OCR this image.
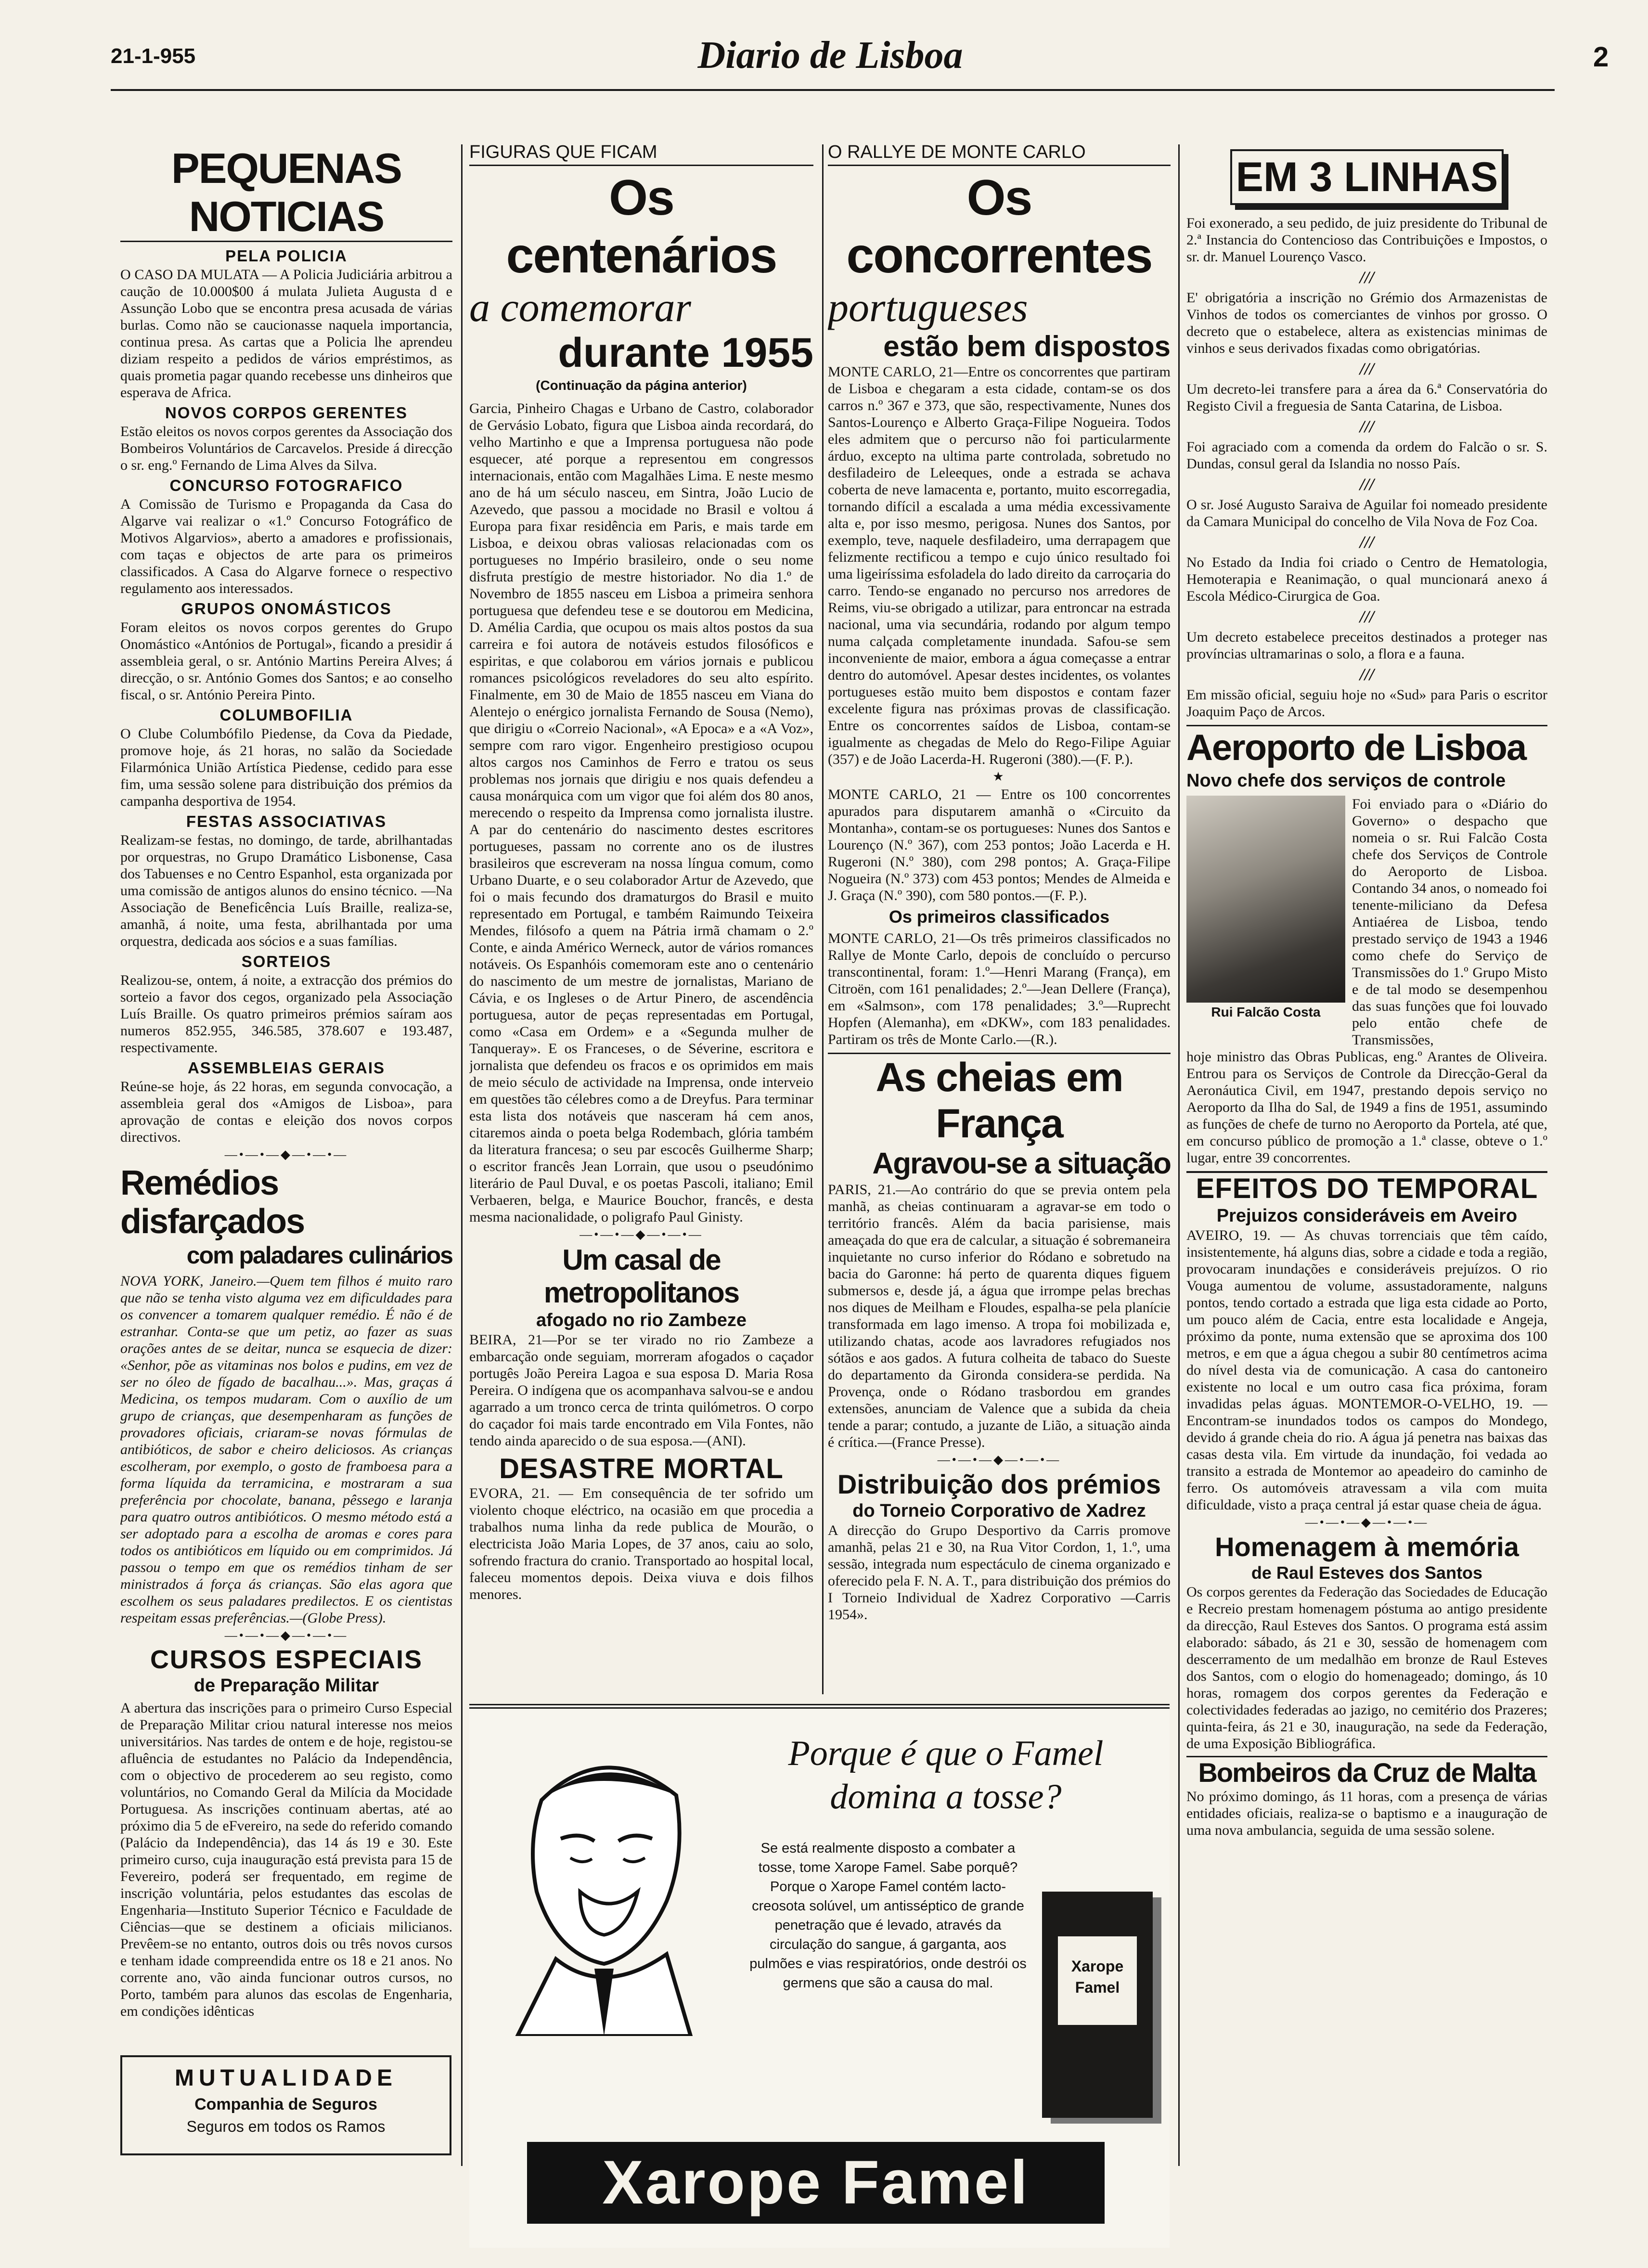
21-1-955	Diario de Lisboa	2
PEQUENAS NOTICIAS
PELA POLICIA

O CASO DA MULATA — A Policia Judiciária arbitrou a caução de 10.000$00 á mulata Julieta Augusta d e Assunção Lobo que se encontra presa acusada de várias burlas. Como não se caucionasse naquela importancia, continua presa. As cartas que a Policia lhe aprendeu diziam respeito a pedidos de vários empréstimos, as quais prometia pagar quando recebesse uns dinheiros que esperava de Africa.

NOVOS CORPOS GERENTES

Estão eleitos os novos corpos gerentes da Associação dos Bombeiros Voluntários de Carcavelos. Preside á direcção o sr. eng.º Fernando de Lima Alves da Silva.

CONCURSO FOTOGRAFICO

A Comissão de Turismo e Propaganda da Casa do Algarve vai realizar o «1.º Concurso Fotográfico de Motivos Algarvios», aberto a amadores e profissionais, com taças e objectos de arte para os primeiros classificados. A Casa do Algarve fornece o respectivo regulamento aos interessados.

GRUPOS ONOMÁSTICOS

Foram eleitos os novos corpos gerentes do Grupo Onomástico «Antónios de Portugal», ficando a presidir á assembleia geral, o sr. António Martins Pereira Alves; á direcção, o sr. António Gomes dos Santos; e ao conselho fiscal, o sr. António Pereira Pinto.

COLUMBOFILIA

O Clube Columbófilo Piedense, da Cova da Piedade, promove hoje, ás 21 horas, no salão da Sociedade Filarmónica União Artística Piedense, cedido para esse fim, uma sessão solene para distribuição dos prémios da campanha desportiva de 1954.

FESTAS ASSOCIATIVAS

Realizam-se festas, no domingo, de tarde, abrilhantadas por orquestras, no Grupo Dramático Lisbonense, Casa dos Tabuenses e no Centro Espanhol, esta organizada por uma comissão de antigos alunos do ensino técnico. —Na Associação de Beneficência Luís Braille, realiza-se, amanhã, á noite, uma festa, abrilhantada por uma orquestra, dedicada aos sócios e a suas famílias.

SORTEIOS

Realizou-se, ontem, á noite, a extracção dos prémios do sorteio a favor dos cegos, organizado pela Associação Luís Braille. Os quatro primeiros prémios saíram aos numeros 852.955, 346.585, 378.607 e 193.487, respectivamente.

ASSEMBLEIAS GERAIS

Reúne-se hoje, ás 22 horas, em segunda convocação, a assembleia geral dos «Amigos de Lisboa», para aprovação de contas e eleição dos novos corpos directivos.

—•—•—◆—•—•—
Remédios disfarçados
com paladares culinários

NOVA YORK, Janeiro.—Quem tem filhos é muito raro que não se tenha visto alguma vez em dificuldades para os convencer a tomarem qualquer remédio. É não é de estranhar. Conta-se que um petiz, ao fazer as suas orações antes de se deitar, nunca se esquecia de dizer: «Senhor, põe as vitaminas nos bolos e pudins, em vez de ser no óleo de fígado de bacalhau...». Mas, graças á Medicina, os tempos mudaram. Com o auxílio de um grupo de crianças, que desempenharam as funções de provadores oficiais, criaram-se novas fórmulas de antibióticos, de sabor e cheiro deliciosos. As crianças escolheram, por exemplo, o gosto de framboesa para a forma líquida da terramicina, e mostraram a sua preferência por chocolate, banana, pêssego e laranja para quatro outros antibióticos. O mesmo método está a ser adoptado para a escolha de aromas e cores para todos os antibióticos em líquido ou em comprimidos. Já passou o tempo em que os remédios tinham de ser ministrados á força ás crianças. São elas agora que escolhem os seus paladares predilectos. E os cientistas respeitam essas preferências.—(Globe Press).

—•—•—◆—•—•—
CURSOS ESPECIAIS
de Preparação Militar

A abertura das inscrições para o primeiro Curso Especial de Preparação Militar criou natural interesse nos meios universitários. Nas tardes de ontem e de hoje, registou-se afluência de estudantes no Palácio da Independência, com o objectivo de procederem ao seu registo, como voluntários, no Comando Geral da Milícia da Mocidade Portuguesa. As inscrições continuam abertas, até ao próximo dia 5 de eFvereiro, na sede do referido comando (Palácio da Independência), das 14 ás 19 e 30. Este primeiro curso, cuja inauguração está prevista para 15 de Fevereiro, poderá ser frequentado, em regime de inscrição voluntária, pelos estudantes das escolas de Engenharia—Instituto Superior Técnico e Faculdade de Ciências—que se destinem a oficiais milicianos. Prevêem-se no entanto, outros dois ou três novos cursos e tenham idade compreendida entre os 18 e 21 anos. No corrente ano, vão ainda funcionar outros cursos, no Porto, também para alunos das escolas de Engenharia, em condições idênticas

MUTUALIDADE
Companhia de Seguros
Seguros em todos os Ramos
FIGURAS QUE FICAM
Os centenários
a comemorar
durante 1955
(Continuação da página anterior)

Garcia, Pinheiro Chagas e Urbano de Castro, colaborador de Gervásio Lobato, figura que Lisboa ainda recordará, do velho Martinho e que a Imprensa portuguesa não pode esquecer, até porque a representou em congressos internacionais, então com Magalhães Lima. E neste mesmo ano de há um século nasceu, em Sintra, João Lucio de Azevedo, que passou a mocidade no Brasil e voltou á Europa para fixar residência em Paris, e mais tarde em Lisboa, e deixou obras valiosas relacionadas com os portugueses no Império brasileiro, onde o seu nome disfruta prestígio de mestre historiador. No dia 1.º de Novembro de 1855 nasceu em Lisboa a primeira senhora portuguesa que defendeu tese e se doutorou em Medicina, D. Amélia Cardia, que ocupou os mais altos postos da sua carreira e foi autora de notáveis estudos filosóficos e espiritas, e que colaborou em vários jornais e publicou romances psicológicos reveladores do seu alto espírito. Finalmente, em 30 de Maio de 1855 nasceu em Viana do Alentejo o enérgico jornalista Fernando de Sousa (Nemo), que dirigiu o «Correio Nacional», «A Epoca» e a «A Voz», sempre com raro vigor. Engenheiro prestigioso ocupou altos cargos nos Caminhos de Ferro e tratou os seus problemas nos jornais que dirigiu e nos quais defendeu a causa monárquica com um vigor que foi além dos 80 anos, merecendo o respeito da Imprensa como jornalista ilustre. A par do centenário do nascimento destes escritores portugueses, passam no corrente ano os de ilustres brasileiros que escreveram na nossa língua comum, como Urbano Duarte, e o seu colaborador Artur de Azevedo, que foi o mais fecundo dos dramaturgos do Brasil e muito representado em Portugal, e também Raimundo Teixeira Mendes, filósofo a quem na Pátria irmã chamam o 2.º Conte, e ainda Américo Werneck, autor de vários romances notáveis. Os Espanhóis comemoram este ano o centenário do nascimento de um mestre de jornalistas, Mariano de Cávia, e os Ingleses o de Artur Pinero, de ascendência portuguesa, autor de peças representadas em Portugal, como «Casa em Ordem» e a «Segunda mulher de Tanqueray». E os Franceses, o de Séverine, escritora e jornalista que defendeu os fracos e os oprimidos em mais de meio século de actividade na Imprensa, onde interveio em questões tão célebres como a de Dreyfus. Para terminar esta lista dos notáveis que nasceram há cem anos, citaremos ainda o poeta belga Rodembach, glória também da literatura francesa; o seu par escocês Guilherme Sharp; o escritor francês Jean Lorrain, que usou o pseudónimo literário de Paul Duval, e os poetas Pascoli, italiano; Emil Verbaeren, belga, e Maurice Bouchor, francês, e desta mesma nacionalidade, o poligrafo Paul Ginisty.

—•—•—◆—•—•—
Um casal de metropolitanos
afogado no rio Zambeze

BEIRA, 21—Por se ter virado no rio Zambeze a embarcação onde seguiam, morreram afogados o caçador portugês João Pereira Lagoa e sua esposa D. Maria Rosa Pereira. O indígena que os acompanhava salvou-se e andou agarrado a um tronco cerca de trinta quilómetros. O corpo do caçador foi mais tarde encontrado em Vila Fontes, não tendo ainda aparecido o de sua esposa.—(ANI).

DESASTRE MORTAL

EVORA, 21. — Em consequência de ter sofrido um violento choque eléctrico, na ocasião em que procedia a trabalhos numa linha da rede publica de Mourão, o electricista João Maria Lopes, de 37 anos, caiu ao solo, sofrendo fractura do cranio. Transportado ao hospital local, faleceu momentos depois. Deixa viuva e dois filhos menores.

O RALLYE DE MONTE CARLO
Os concorrentes
portugueses
estão bem dispostos

MONTE CARLO, 21—Entre os concorrentes que partiram de Lisboa e chegaram a esta cidade, contam-se os dos carros n.º 367 e 373, que são, respectivamente, Nunes dos Santos-Lourenço e Alberto Graça-Filipe Nogueira. Todos eles admitem que o percurso não foi particularmente árduo, excepto na ultima parte controlada, sobretudo no desfiladeiro de Leleeques, onde a estrada se achava coberta de neve lamacenta e, portanto, muito escorregadia, tornando difícil a escalada a uma média excessivamente alta e, por isso mesmo, perigosa. Nunes dos Santos, por exemplo, teve, naquele desfiladeiro, uma derrapagem que felizmente rectificou a tempo e cujo único resultado foi uma ligeiríssima esfoladela do lado direito da carroçaria do carro. Tendo-se enganado no percurso nos arredores de Reims, viu-se obrigado a utilizar, para entroncar na estrada nacional, uma via secundária, rodando por algum tempo numa calçada completamente inundada. Safou-se sem inconveniente de maior, embora a água começasse a entrar dentro do automóvel. Apesar destes incidentes, os volantes portugueses estão muito bem dispostos e contam fazer excelente figura nas próximas provas de classificação. Entre os concorrentes saídos de Lisboa, contam-se igualmente as chegadas de Melo do Rego-Filipe Aguiar (357) e de João Lacerda-H. Rugeroni (380).—(F. P.).

★

MONTE CARLO, 21 — Entre os 100 concorrentes apurados para disputarem amanhã o «Circuito da Montanha», contam-se os portugueses: Nunes dos Santos e Lourenço (N.º 367), com 253 pontos; João Lacerda e H. Rugeroni (N.º 380), com 298 pontos; A. Graça-Filipe Nogueira (N.º 373) com 453 pontos; Mendes de Almeida e J. Graça (N.º 390), com 580 pontos.—(F. P.).

Os primeiros classificados

MONTE CARLO, 21—Os três primeiros classificados no Rallye de Monte Carlo, depois de concluído o percurso transcontinental, foram: 1.º—Henri Marang (França), em Citroën, com 161 penalidades; 2.º—Jean Dellere (França), em «Salmson», com 178 penalidades; 3.º—Ruprecht Hopfen (Alemanha), em «DKW», com 183 penalidades. Partiram os três de Monte Carlo.—(R.).

As cheias em França
Agravou-se a situação

PARIS, 21.—Ao contrário do que se previa ontem pela manhã, as cheias continuaram a agravar-se em todo o território francês. Além da bacia parisiense, mais ameaçada do que era de calcular, a situação é sobremaneira inquietante no curso inferior do Ródano e sobretudo na bacia do Garonne: há perto de quarenta diques figuem submersos e, desde já, a água que irrompe pelas brechas nos diques de Meilham e Floudes, espalha-se pela planície transformada em lago imenso. A tropa foi mobilizada e, utilizando chatas, acode aos lavradores refugiados nos sótãos e aos gados. A futura colheita de tabaco do Sueste do departamento da Gironda considera-se perdida. Na Provença, onde o Ródano trasbordou em grandes extensões, anunciam de Valence que a subida da cheia tende a parar; contudo, a juzante de Lião, a situação ainda é crítica.—(France Presse).

—•—•—◆—•—•—
Distribuição dos prémios
do Torneio Corporativo de Xadrez

A direcção do Grupo Desportivo da Carris promove amanhã, pelas 21 e 30, na Rua Vitor Cordon, 1, 1.º, uma sessão, integrada num espectáculo de cinema organizado e oferecido pela F. N. A. T., para distribuição dos prémios do I Torneio Individual de Xadrez Corporativo —Carris 1954».

EM 3 LINHAS

Foi exonerado, a seu pedido, de juiz presidente do Tribunal de 2.ª Instancia do Contencioso das Contribuições e Impostos, o sr. dr. Manuel Lourenço Vasco.

///

E' obrigatória a inscrição no Grémio dos Armazenistas de Vinhos de todos os comerciantes de vinhos por grosso. O decreto que o estabelece, altera as existencias minimas de vinhos e seus derivados fixadas como obrigatórias.

///

Um decreto-lei transfere para a área da 6.ª Conservatória do Registo Civil a freguesia de Santa Catarina, de Lisboa.

///

Foi agraciado com a comenda da ordem do Falcão o sr. S. Dundas, consul geral da Islandia no nosso País.

///

O sr. José Augusto Saraiva de Aguilar foi nomeado presidente da Camara Municipal do concelho de Vila Nova de Foz Coa.

///

No Estado da India foi criado o Centro de Hematologia, Hemoterapia e Reanimação, o qual muncionará anexo á Escola Médico-Cirurgica de Goa.

///

Um decreto estabelece preceitos destinados a proteger nas províncias ultramarinas o solo, a flora e a fauna.

///

Em missão oficial, seguiu hoje no «Sud» para Paris o escritor Joaquim Paço de Arcos.

Aeroporto de Lisboa
Novo chefe dos serviços de controle
Rui Falcão Costa

Foi enviado para o «Diário do Governo» o despacho que nomeia o sr. Rui Falcão Costa chefe dos Serviços de Controle do Aeroporto de Lisboa. Contando 34 anos, o nomeado foi tenente-miliciano da Defesa Antiaérea de Lisboa, tendo prestado serviço de 1943 a 1946 como chefe do Serviço de Transmissões do 1.º Grupo Misto e de tal modo se desempenhou das suas funções que foi louvado pelo então chefe de Transmissões,

hoje ministro das Obras Publicas, eng.º Arantes de Oliveira. Entrou para os Serviços de Controle da Direcção-Geral da Aeronáutica Civil, em 1947, prestando depois serviço no Aeroporto da Ilha do Sal, de 1949 a fins de 1951, assumindo as funções de chefe de turno no Aeroporto da Portela, até que, em concurso público de promoção a 1.ª classe, obteve o 1.º lugar, entre 39 concorrentes.

EFEITOS DO TEMPORAL
Prejuizos consideráveis em Aveiro

AVEIRO, 19. — As chuvas torrenciais que têm caído, insistentemente, há alguns dias, sobre a cidade e toda a região, provocaram inundações e consideráveis prejuízos. O rio Vouga aumentou de volume, assustadoramente, nalguns pontos, tendo cortado a estrada que liga esta cidade ao Porto, um pouco além de Cacia, entre esta localidade e Angeja, próximo da ponte, numa extensão que se aproxima dos 100 metros, e em que a água chegou a subir 80 centímetros acima do nível desta via de comunicação. A casa do cantoneiro existente no local e um outro casa fica próxima, foram invadidas pelas águas. MONTEMOR-O-VELHO, 19. — Encontram-se inundados todos os campos do Mondego, devido á grande cheia do rio. A água já penetra nas baixas das casas desta vila. Em virtude da inundação, foi vedada ao transito a estrada de Montemor ao apeadeiro do caminho de ferro. Os automóveis atravessam a vila com muita dificuldade, visto a praça central já estar quase cheia de água.

—•—•—◆—•—•—
Homenagem à memória
de Raul Esteves dos Santos

Os corpos gerentes da Federação das Sociedades de Educação e Recreio prestam homenagem póstuma ao antigo presidente da direcção, Raul Esteves dos Santos. O programa está assim elaborado: sábado, ás 21 e 30, sessão de homenagem com descerramento de um medalhão em bronze de Raul Esteves dos Santos, com o elogio do homenageado; domingo, ás 10 horas, romagem dos corpos gerentes da Federação e colectividades federadas ao jazigo, no cemitério dos Prazeres; quinta-feira, ás 21 e 30, inauguração, na sede da Federação, de uma Exposição Bibliográfica.

Bombeiros da Cruz de Malta

No próximo domingo, ás 11 horas, com a presença de várias entidades oficiais, realiza-se o baptismo e a inauguração de uma nova ambulancia, seguida de uma sessão solene.

Porque é que o Famel
domina a tosse?
Se está realmente disposto a combater a tosse, tome Xarope Famel. Sabe porquê? Porque o Xarope Famel contém lacto-creosota solúvel, um antisséptico de grande penetração que é levado, através da circulação do sangue, á garganta, aos pulmões e vias respiratórios, onde destrói os germens que são a causa do mal.
Xarope Famel
Xarope Famel
